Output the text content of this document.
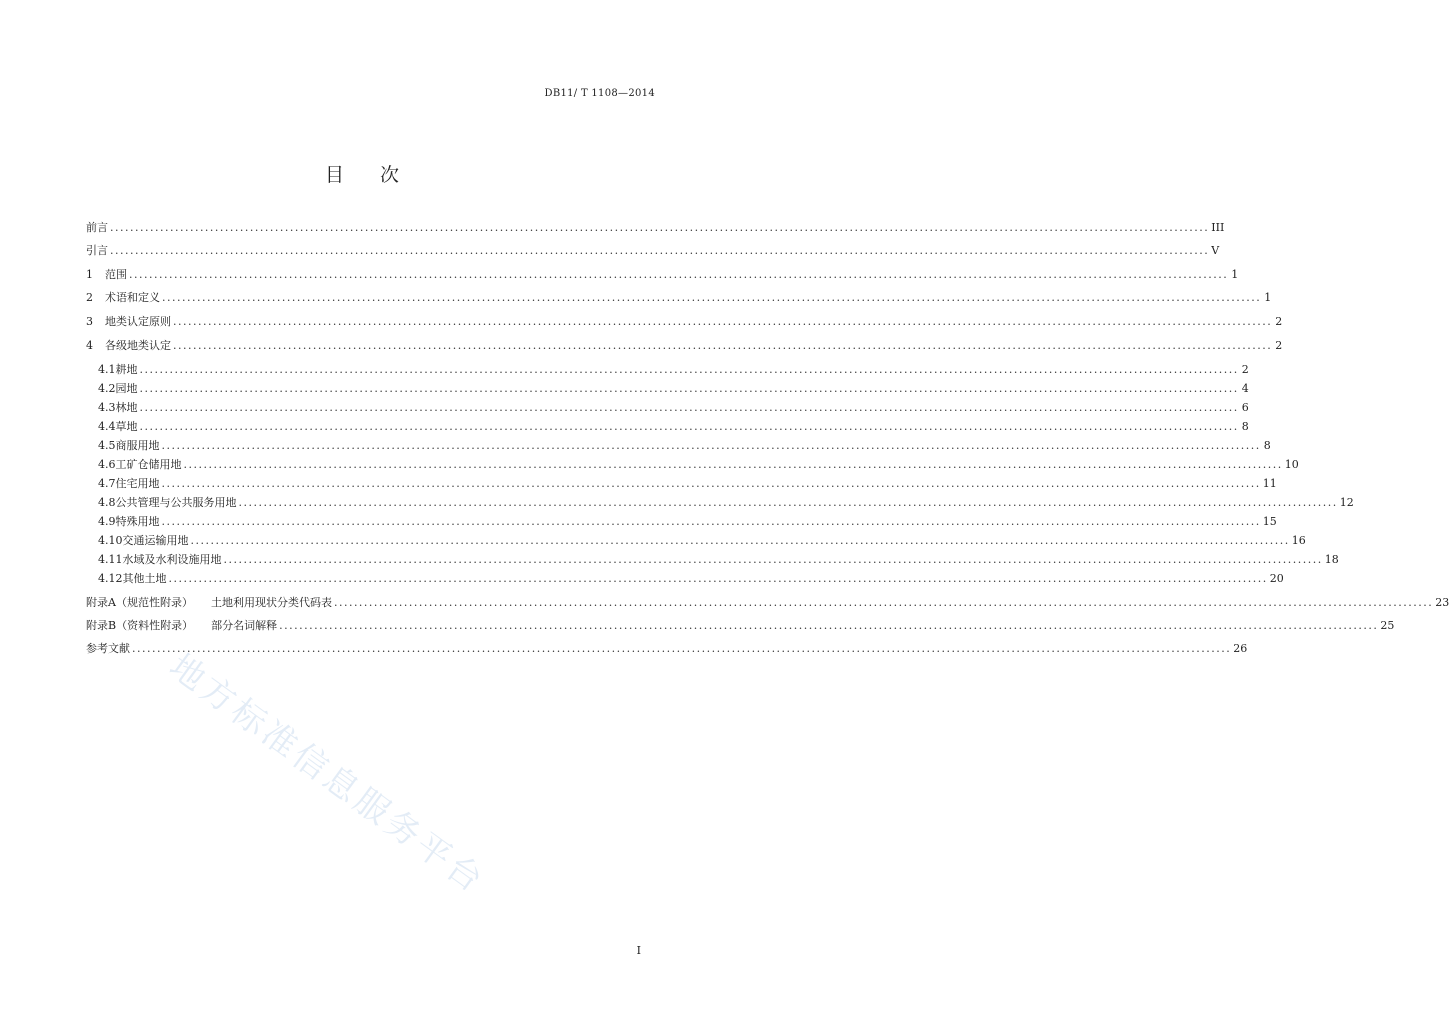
DB11/ T 1108—2014
目 次
前言 ............................................................................................................................................................................................................................ III
引言 ............................................................................................................................................................................................................................ V
1 范围 ............................................................................................................................................................................................................................ 1
2 术语和定义 ............................................................................................................................................................................................................................ 1
3 地类认定原则 ............................................................................................................................................................................................................................ 2
4 各级地类认定 ............................................................................................................................................................................................................................ 2
4.1 耕地 ............................................................................................................................................................................................................................ 2
4.2 园地 ............................................................................................................................................................................................................................ 4
4.3 林地 ............................................................................................................................................................................................................................ 6
4.4 草地 ............................................................................................................................................................................................................................ 8
4.5 商服用地 ............................................................................................................................................................................................................................ 8
4.6 工矿仓储用地 ............................................................................................................................................................................................................................ 10
4.7 住宅用地 ............................................................................................................................................................................................................................ 11
4.8 公共管理与公共服务用地 ............................................................................................................................................................................................................................ 12
4.9 特殊用地 ............................................................................................................................................................................................................................ 15
4.10 交通运输用地 ............................................................................................................................................................................................................................ 16
4.11 水域及水利设施用地 ............................................................................................................................................................................................................................ 18
4.12 其他土地 ............................................................................................................................................................................................................................ 20
附录A（规范性附录） 土地利用现状分类代码表 ............................................................................................................................................................................................................................ 23
附录B（资料性附录） 部分名词解释 ............................................................................................................................................................................................................................ 25
参考文献 ............................................................................................................................................................................................................................ 26
地方标准信息服务平台
I
